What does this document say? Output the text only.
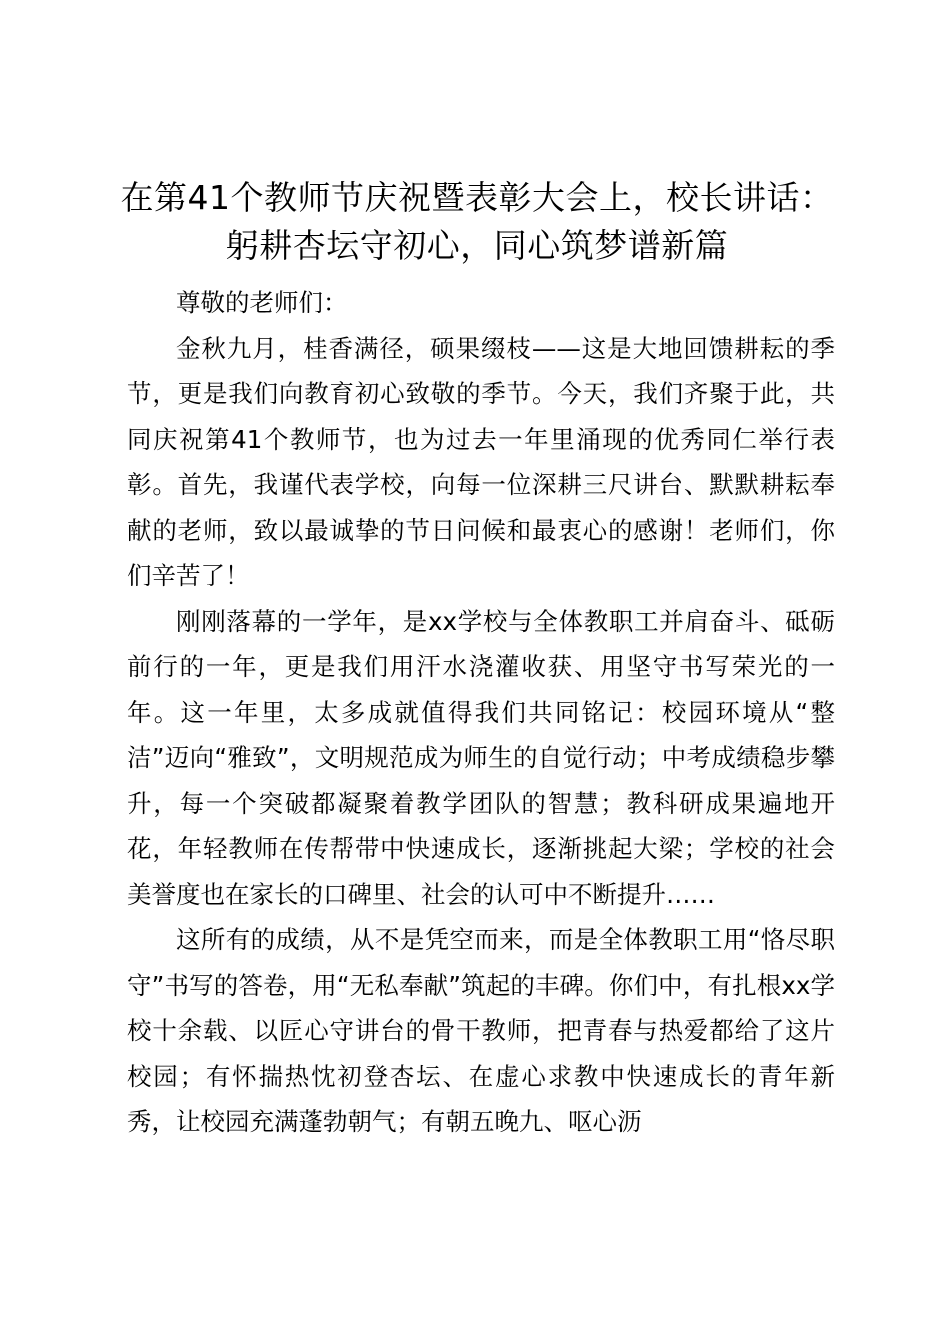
在第41个教师节庆祝暨表彰大会上，校长讲话：躬耕杏坛守初心，同心筑梦谱新篇

尊敬的老师们：

金秋九月，桂香满径，硕果缀枝——这是大地回馈耕耘的季节，更是我们向教育初心致敬的季节。今天，我们齐聚于此，共同庆祝第41个教师节，也为过去一年里涌现的优秀同仁举行表彰。首先，我谨代表学校，向每一位深耕三尺讲台、默默耕耘奉献的老师，致以最诚挚的节日问候和最衷心的感谢！老师们，你们辛苦了！

刚刚落幕的一学年，是xx学校与全体教职工并肩奋斗、砥砺前行的一年，更是我们用汗水浇灌收获、用坚守书写荣光的一年。这一年里，太多成就值得我们共同铭记：校园环境从“整洁”迈向“雅致”，文明规范成为师生的自觉行动；中考成绩稳步攀升，每一个突破都凝聚着教学团队的智慧；教科研成果遍地开花，年轻教师在传帮带中快速成长，逐渐挑起大梁；学校的社会美誉度也在家长的口碑里、社会的认可中不断提升……

这所有的成绩，从不是凭空而来，而是全体教职工用“恪尽职守”书写的答卷，用“无私奉献”筑起的丰碑。你们中，有扎根xx学校十余载、以匠心守讲台的骨干教师，把青春与热爱都给了这片校园；有怀揣热忱初登杏坛、在虚心求教中快速成长的青年新秀，让校园充满蓬勃朝气；有朝五晚九、呕心沥
